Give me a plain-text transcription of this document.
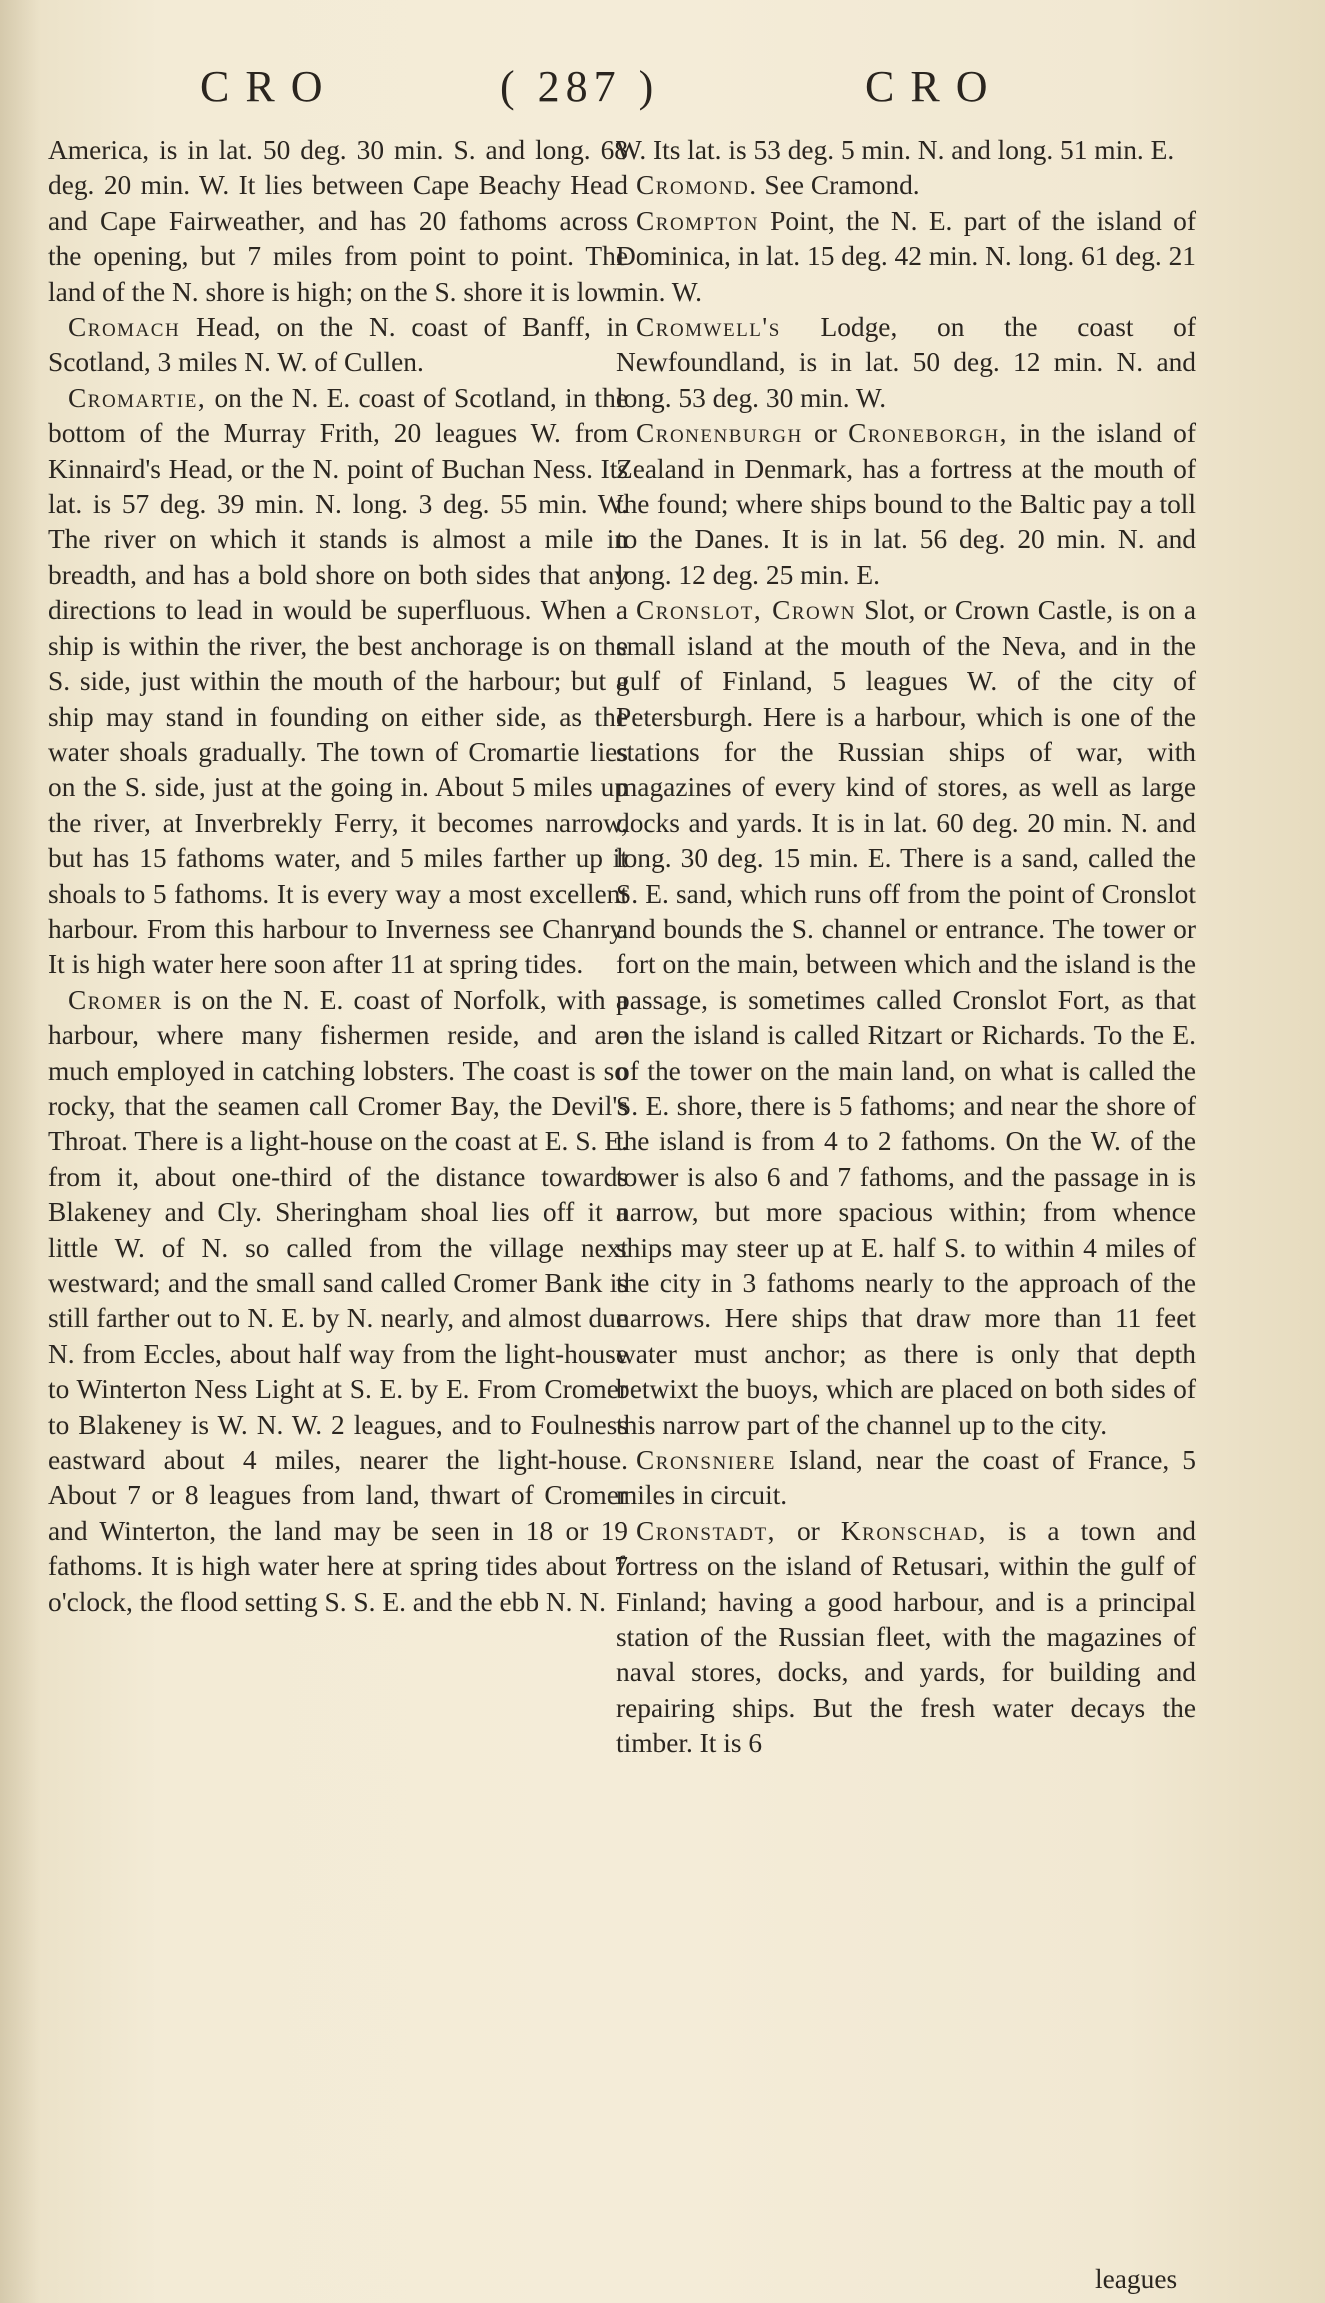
CRO	( 287 )	CRO

America, is in lat. 50 deg. 30 min. S. and long. 68 deg. 20 min. W. It lies between Cape Beachy Head and Cape Fairweather, and has 20 fathoms across the opening, but 7 miles from point to point. The land of the N. shore is high; on the S. shore it is low.

Cromach Head, on the N. coast of Banff, in Scotland, 3 miles N. W. of Cullen.

Cromartie, on the N. E. coast of Scotland, in the bottom of the Murray Frith, 20 leagues W. from Kinnaird's Head, or the N. point of Buchan Ness. Its lat. is 57 deg. 39 min. N. long. 3 deg. 55 min. W. The river on which it stands is almost a mile in breadth, and has a bold shore on both sides that any directions to lead in would be superfluous. When a ship is within the river, the best anchorage is on the S. side, just within the mouth of the harbour; but a ship may stand in founding on either side, as the water shoals gradually. The town of Cromartie lies on the S. side, just at the going in. About 5 miles up the river, at Inverbrekly Ferry, it becomes narrow, but has 15 fathoms water, and 5 miles farther up it shoals to 5 fathoms. It is every way a most excellent harbour. From this harbour to Inverness see Chanry. It is high water here soon after 11 at spring tides.

Cromer is on the N. E. coast of Norfolk, with a harbour, where many fishermen reside, and are much employed in catching lobsters. The coast is so rocky, that the seamen call Cromer Bay, the Devil's Throat. There is a light-house on the coast at E. S. E. from it, about one-third of the distance towards Blakeney and Cly. Sheringham shoal lies off it a little W. of N. so called from the village next westward; and the small sand called Cromer Bank is still farther out to N. E. by N. nearly, and almost due N. from Eccles, about half way from the light-house to Winterton Ness Light at S. E. by E. From Cromer to Blakeney is W. N. W. 2 leagues, and to Foulness eastward about 4 miles, nearer the light-house. About 7 or 8 leagues from land, thwart of Cromer and Winterton, the land may be seen in 18 or 19 fathoms. It is high water here at spring tides about 7 o'clock, the flood setting S. S. E. and the ebb N. N.

W. Its lat. is 53 deg. 5 min. N. and long. 51 min. E.

Cromond. See Cramond.

Crompton Point, the N. E. part of the island of Dominica, in lat. 15 deg. 42 min. N. long. 61 deg. 21 min. W.

Cromwell's Lodge, on the coast of Newfoundland, is in lat. 50 deg. 12 min. N. and long. 53 deg. 30 min. W.

Cronenburgh or Croneborgh, in the island of Zealand in Denmark, has a fortress at the mouth of the found; where ships bound to the Baltic pay a toll to the Danes. It is in lat. 56 deg. 20 min. N. and long. 12 deg. 25 min. E.

Cronslot, Crown Slot, or Crown Castle, is on a small island at the mouth of the Neva, and in the gulf of Finland, 5 leagues W. of the city of Petersburgh. Here is a harbour, which is one of the stations for the Russian ships of war, with magazines of every kind of stores, as well as large docks and yards. It is in lat. 60 deg. 20 min. N. and long. 30 deg. 15 min. E. There is a sand, called the S. E. sand, which runs off from the point of Cronslot and bounds the S. channel or entrance. The tower or fort on the main, between which and the island is the passage, is sometimes called Cronslot Fort, as that on the island is called Ritzart or Richards. To the E. of the tower on the main land, on what is called the S. E. shore, there is 5 fathoms; and near the shore of the island is from 4 to 2 fathoms. On the W. of the tower is also 6 and 7 fathoms, and the passage in is narrow, but more spacious within; from whence ships may steer up at E. half S. to within 4 miles of the city in 3 fathoms nearly to the approach of the narrows. Here ships that draw more than 11 feet water must anchor; as there is only that depth betwixt the buoys, which are placed on both sides of this narrow part of the channel up to the city.

Cronsniere Island, near the coast of France, 5 miles in circuit.

Cronstadt, or Kronschad, is a town and fortress on the island of Retusari, within the gulf of Finland; having a good harbour, and is a principal station of the Russian fleet, with the magazines of naval stores, docks, and yards, for building and repairing ships. But the fresh water decays the timber. It is 6

leagues
